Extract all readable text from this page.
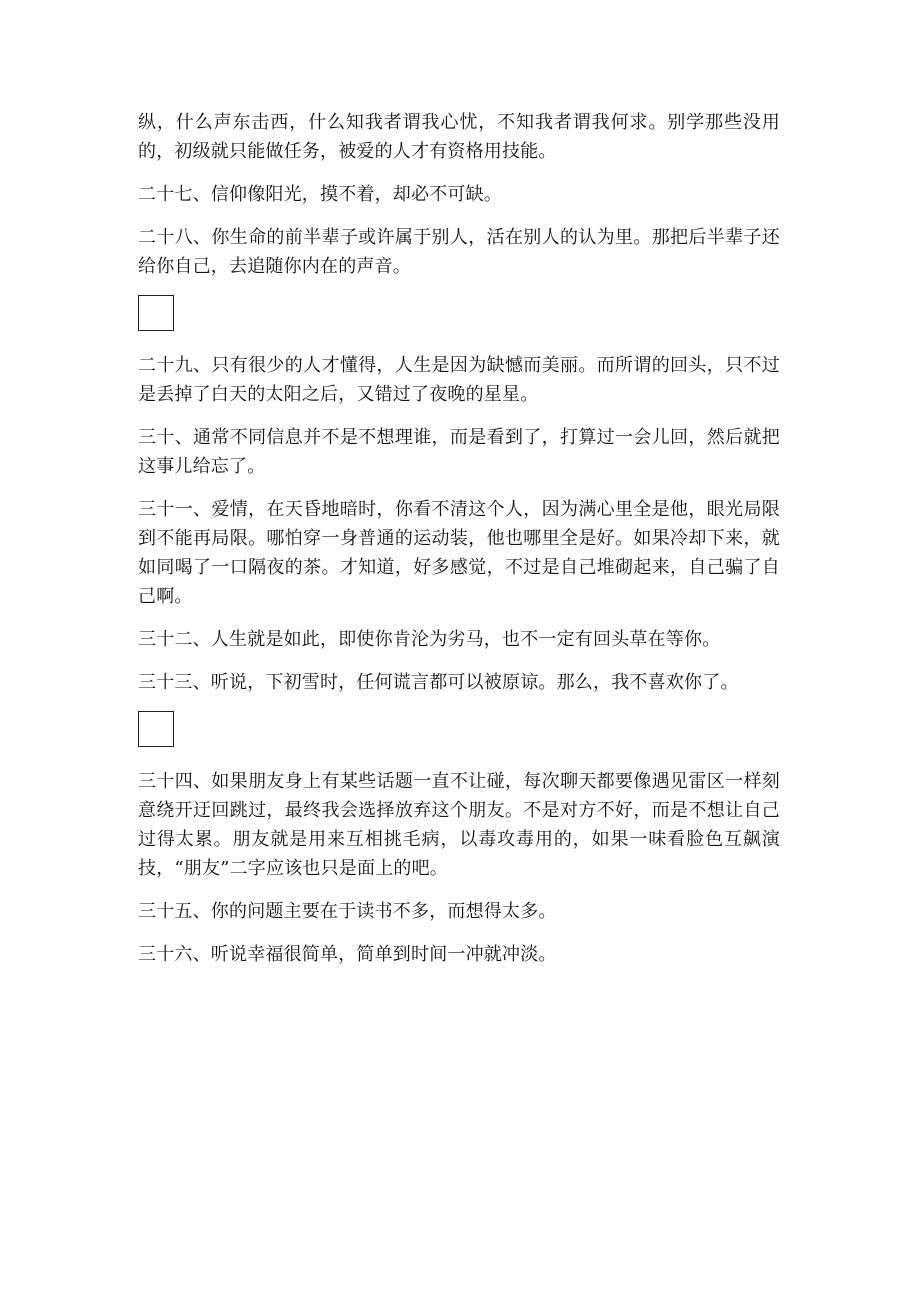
纵，什么声东击西，什么知我者谓我心忧，不知我者谓我何求。别学那些没用的，初级就只能做任务，被爱的人才有资格用技能。

二十七、信仰像阳光，摸不着，却必不可缺。

二十八、你生命的前半辈子或许属于别人，活在别人的认为里。那把后半辈子还给你自己，去追随你内在的声音。

二十九、只有很少的人才懂得，人生是因为缺憾而美丽。而所谓的回头，只不过是丢掉了白天的太阳之后，又错过了夜晚的星星。

三十、通常不同信息并不是不想理谁，而是看到了，打算过一会儿回，然后就把这事儿给忘了。

三十一、爱情，在天昏地暗时，你看不清这个人，因为满心里全是他，眼光局限到不能再局限。哪怕穿一身普通的运动装，他也哪里全是好。如果冷却下来，就如同喝了一口隔夜的茶。才知道，好多感觉，不过是自己堆砌起来，自己骗了自己啊。

三十二、人生就是如此，即使你肯沦为劣马，也不一定有回头草在等你。

三十三、听说，下初雪时，任何谎言都可以被原谅。那么，我不喜欢你了。

三十四、如果朋友身上有某些话题一直不让碰，每次聊天都要像遇见雷区一样刻意绕开迂回跳过，最终我会选择放弃这个朋友。不是对方不好，而是不想让自己过得太累。朋友就是用来互相挑毛病，以毒攻毒用的，如果一味看脸色互飙演技，“朋友”二字应该也只是面上的吧。

三十五、你的问题主要在于读书不多，而想得太多。

三十六、听说幸福很简单，简单到时间一冲就冲淡。
